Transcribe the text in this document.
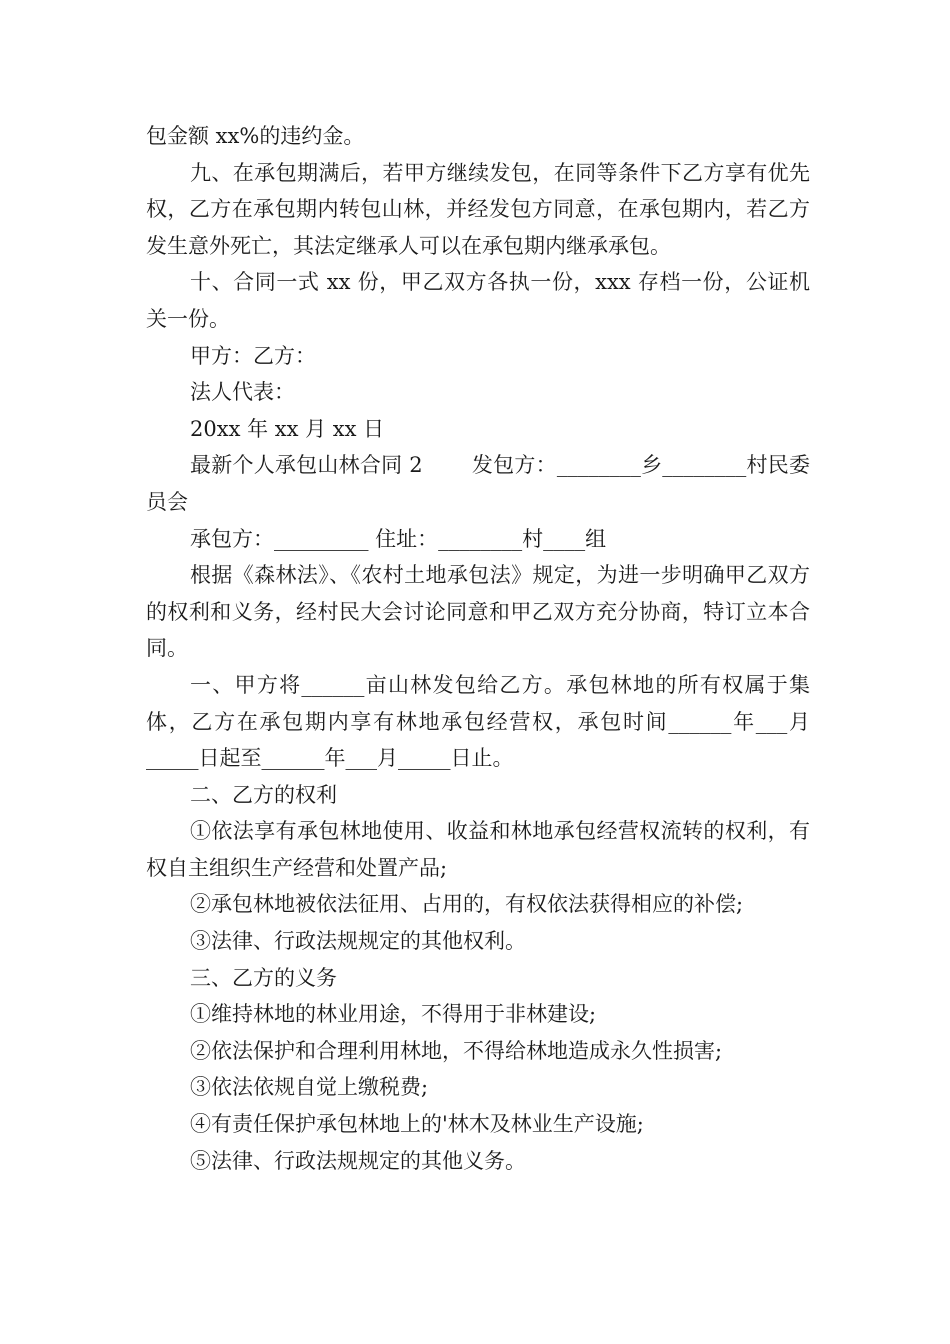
包金额 xx%的违约金。

九、在承包期满后，若甲方继续发包，在同等条件下乙方享有优先权，乙方在承包期内转包山林，并经发包方同意，在承包期内，若乙方发生意外死亡，其法定继承人可以在承包期内继承承包。

十、合同一式 xx 份，甲乙双方各执一份，xxx 存档一份，公证机关一份。

甲方：乙方：

法人代表：

20xx 年 xx 月 xx 日

最新个人承包山林合同 2 　　发包方：________乡________村民委员会

承包方：_________ 住址：________村____组

根据《森林法》、《农村土地承包法》规定，为进一步明确甲乙双方的权利和义务，经村民大会讨论同意和甲乙双方充分协商，特订立本合同。

一、甲方将______亩山林发包给乙方。承包林地的所有权属于集体，乙方在承包期内享有林地承包经营权，承包时间______年___月_____日起至______年___月_____日止。

二、乙方的权利

①依法享有承包林地使用、收益和林地承包经营权流转的权利，有权自主组织生产经营和处置产品;

②承包林地被依法征用、占用的，有权依法获得相应的补偿;

③法律、行政法规规定的其他权利。

三、乙方的义务

①维持林地的林业用途，不得用于非林建设;

②依法保护和合理利用林地，不得给林地造成永久性损害;

③依法依规自觉上缴税费;

④有责任保护承包林地上的'林木及林业生产设施;

⑤法律、行政法规规定的其他义务。
